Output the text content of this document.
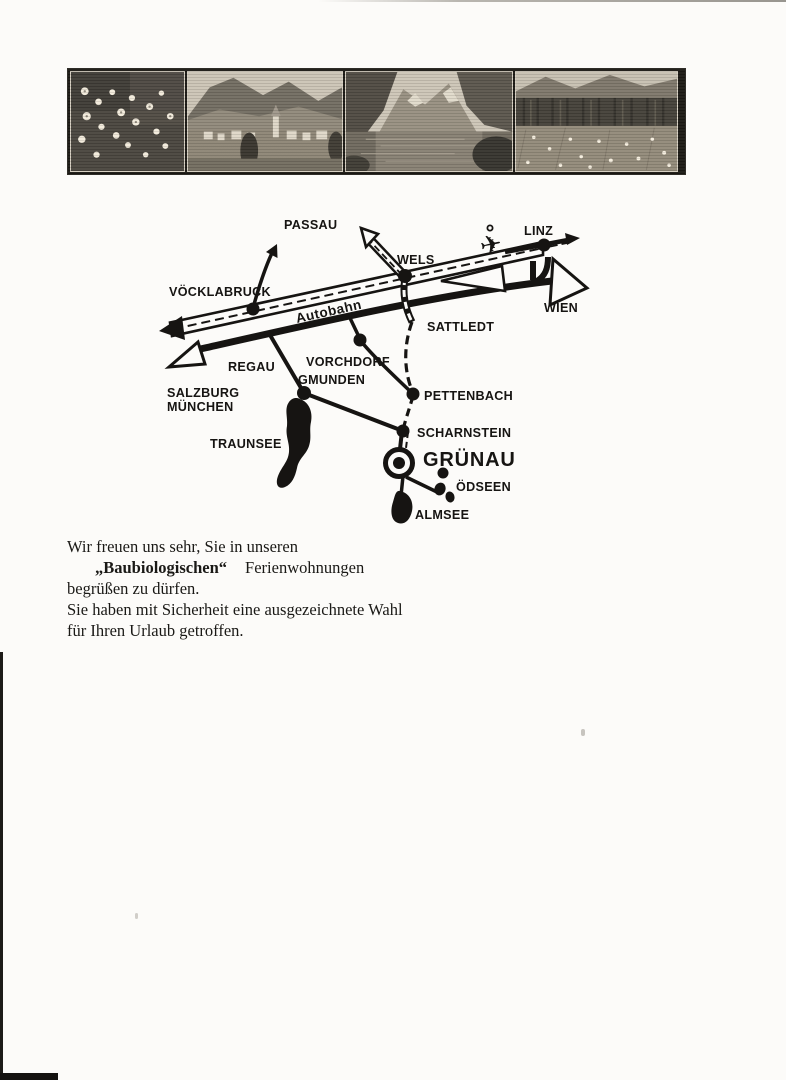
✈
PASSAU	LINZ
WELS
VÖCKLABRUCK
WIEN
SATTLEDT
REGAU VORCHDORF
GMUNDEN
SALZBURG
MÜNCHEN
PETTENBACH
TRAUNSEE
SCHARNSTEIN
GRÜNAU
ÖDSEEN
ALMSEE
Autobahn

Wir freuen uns sehr, Sie in unseren

„Baubiologischen“ Ferienwohnungen

begrüßen zu dürfen.

Sie haben mit Sicherheit eine ausgezeichnete Wahl

für Ihren Urlaub getroffen.
